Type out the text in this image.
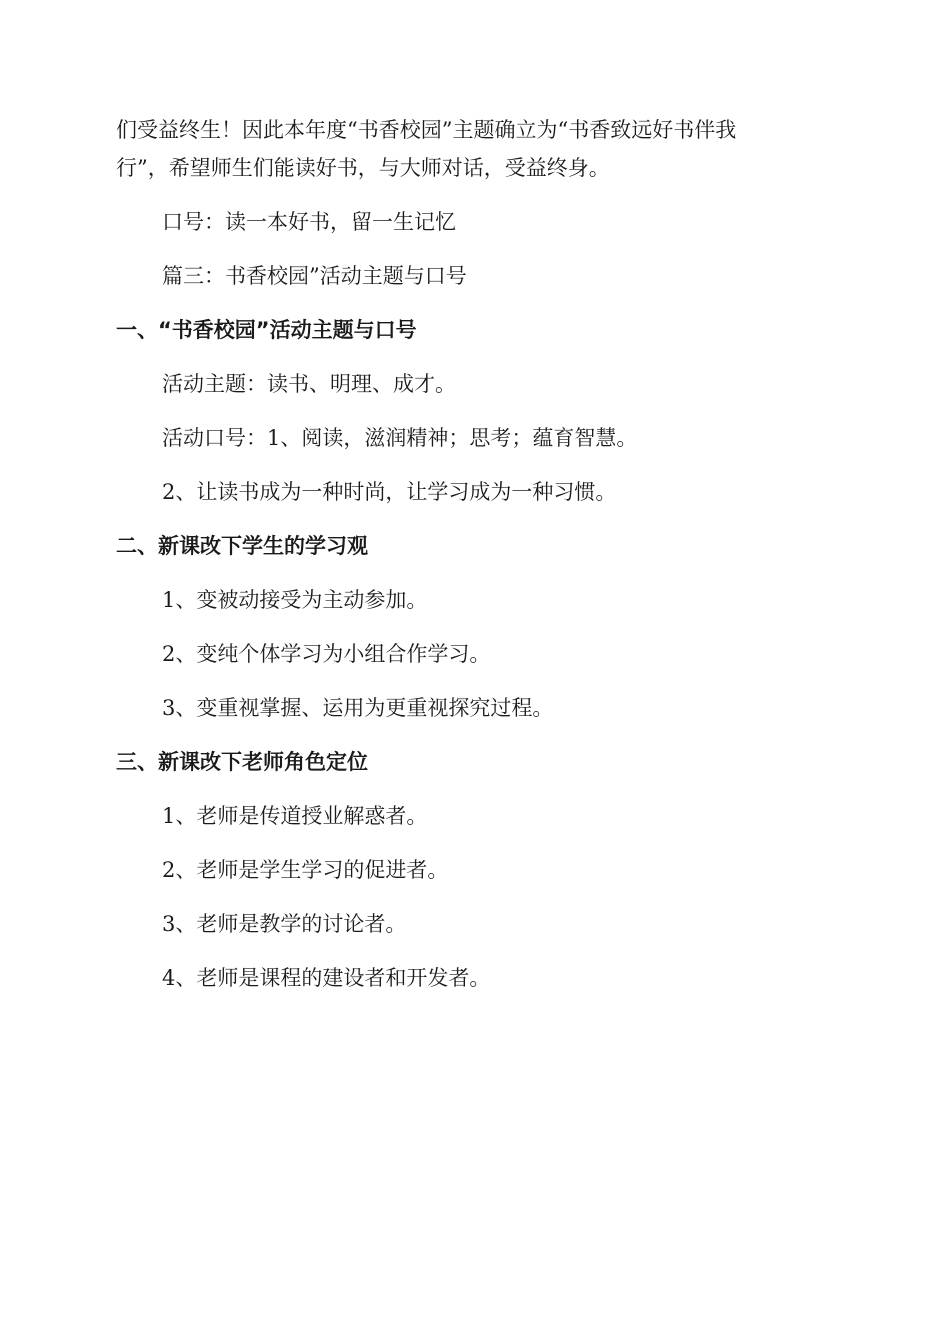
们受益终生！因此本年度“书香校园”主题确立为“书香致远好书伴我
行”，希望师生们能读好书，与大师对话，受益终身。
口号：读一本好书，留一生记忆
篇三：书香校园”活动主题与口号
一、“书香校园”活动主题与口号
活动主题：读书、明理、成才。
活动口号：1、阅读，滋润精神；思考；蕴育智慧。
2、让读书成为一种时尚，让学习成为一种习惯。
二、新课改下学生的学习观
1、变被动接受为主动参加。
2、变纯个体学习为小组合作学习。
3、变重视掌握、运用为更重视探究过程。
三、新课改下老师角色定位
1、老师是传道授业解惑者。
2、老师是学生学习的促进者。
3、老师是教学的讨论者。
4、老师是课程的建设者和开发者。
